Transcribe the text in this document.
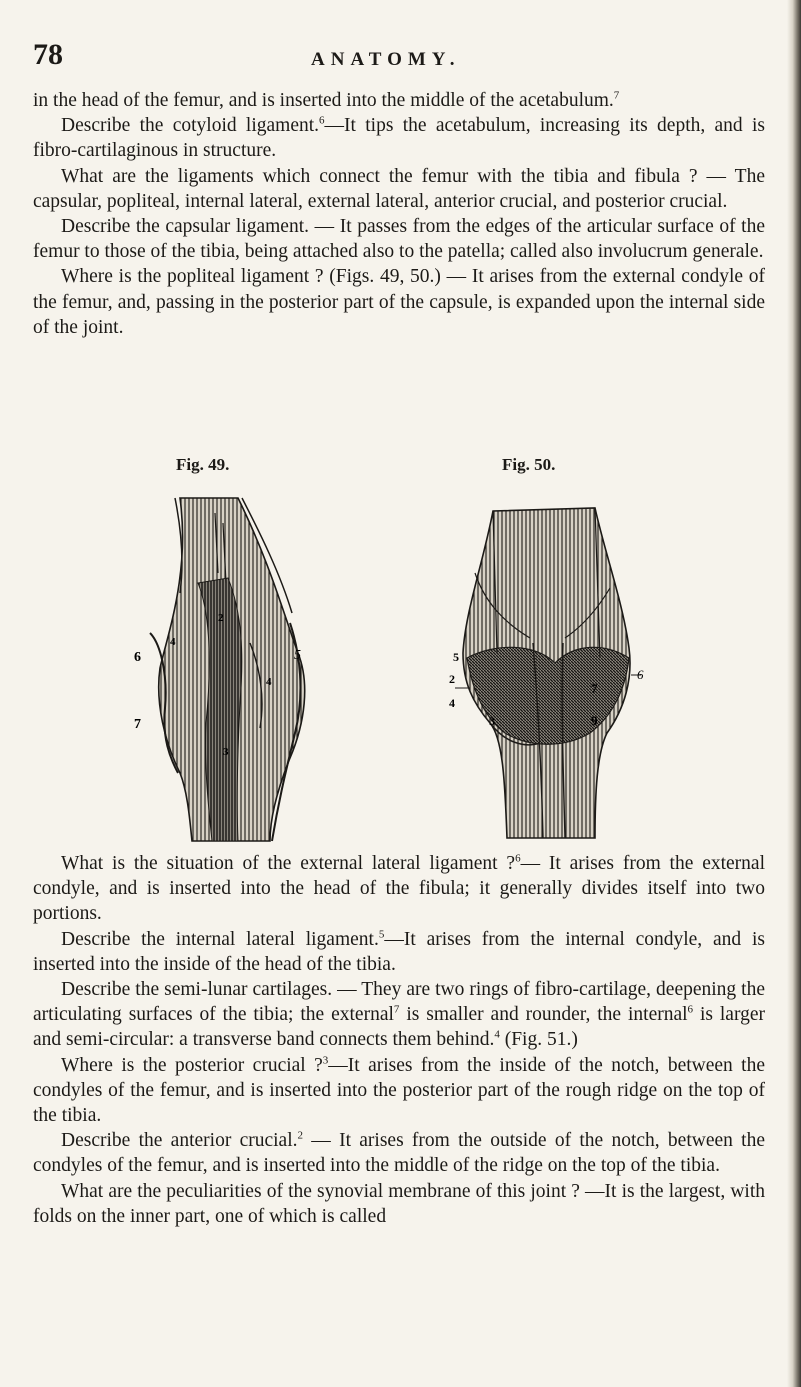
78	ANATOMY.

in the head of the femur, and is inserted into the middle of the acetabulum.$^7$

Describe the cotyloid ligament.$^6$—It tips the acetabulum, increasing its depth, and is fibro-cartilaginous in structure.

What are the ligaments which connect the femur with the tibia and fibula ? — The capsular, popliteal, internal lateral, external lateral, anterior crucial, and posterior crucial.

Describe the capsular ligament. — It passes from the edges of the articular surface of the femur to those of the tibia, being attached also to the patella; called also involucrum generale.

Where is the popliteal ligament ? (Figs. 49, 50.) — It arises from the external condyle of the femur, and, passing in the posterior part of the capsule, is expanded upon the internal side of the joint.

Fig. 49.	Fig. 50.
6
7
4
2
4
3
5	5
2
4
3
7
9
6

What is the situation of the external lateral ligament ?$^6$— It arises from the external condyle, and is inserted into the head of the fibula; it generally divides itself into two portions.

Describe the internal lateral ligament.$^5$—It arises from the internal condyle, and is inserted into the inside of the head of the tibia.

Describe the semi-lunar cartilages. — They are two rings of fibro-cartilage, deepening the articulating surfaces of the tibia; the external$^7$ is smaller and rounder, the internal$^6$ is larger and semi-circular: a transverse band connects them behind.$^4$ (Fig. 51.)

Where is the posterior crucial ?$^3$—It arises from the inside of the notch, between the condyles of the femur, and is inserted into the posterior part of the rough ridge on the top of the tibia.

Describe the anterior crucial.$^2$ — It arises from the outside of the notch, between the condyles of the femur, and is inserted into the middle of the ridge on the top of the tibia.

What are the peculiarities of the synovial membrane of this joint ? —It is the largest, with folds on the inner part, one of which is called
